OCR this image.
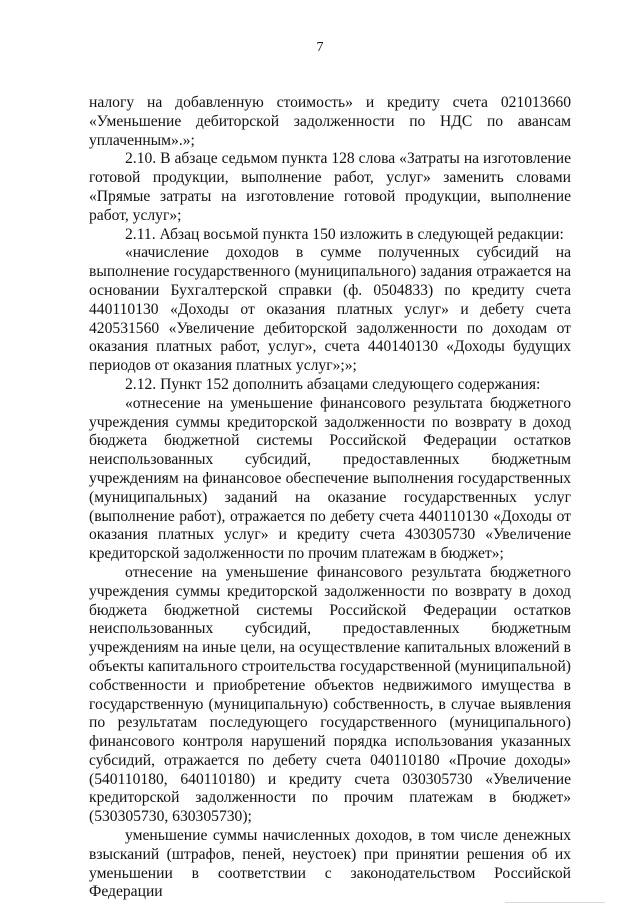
7

налогу на добавленную стоимость» и кредиту счета 021013660 «Уменьшение дебиторской задолженности по НДС по авансам уплаченным».»;

2.10. В абзаце седьмом пункта 128 слова «Затраты на изготовление готовой продукции, выполнение работ, услуг» заменить словами «Прямые затраты на изготовление готовой продукции, выполнение работ, услуг»;

2.11. Абзац восьмой пункта 150 изложить в следующей редакции:

«начисление доходов в сумме полученных субсидий на выполнение государственного (муниципального) задания отражается на основании Бухгалтерской справки (ф. 0504833) по кредиту счета 440110130 «Доходы от оказания платных услуг» и дебету счета 420531560 «Увеличение дебиторской задолженности по доходам от оказания платных работ, услуг», счета 440140130 «Доходы будущих периодов от оказания платных услуг»;»;

2.12. Пункт 152 дополнить абзацами следующего содержания:

«отнесение на уменьшение финансового результата бюджетного учреждения суммы кредиторской задолженности по возврату в доход бюджета бюджетной системы Российской Федерации остатков неиспользованных субсидий, предоставленных бюджетным учреждениям на финансовое обеспечение выполнения государственных (муниципальных) заданий на оказание государственных услуг (выполнение работ), отражается по дебету счета 440110130 «Доходы от оказания платных услуг» и кредиту счета 430305730 «Увеличение кредиторской задолженности по прочим платежам в бюджет»;

отнесение на уменьшение финансового результата бюджетного учреждения суммы кредиторской задолженности по возврату в доход бюджета бюджетной системы Российской Федерации остатков неиспользованных субсидий, предоставленных бюджетным учреждениям на иные цели, на осуществление капитальных вложений в объекты капитального строительства государственной (муниципальной) собственности и приобретение объектов недвижимого имущества в государственную (муниципальную) собственность, в случае выявления по результатам последующего государственного (муниципального) финансового контроля нарушений порядка использования указанных субсидий, отражается по дебету счета 040110180 «Прочие доходы» (540110180, 640110180) и кредиту счета 030305730 «Увеличение кредиторской задолженности по прочим платежам в бюджет» (530305730, 630305730);

уменьшение суммы начисленных доходов, в том числе денежных взысканий (штрафов, пеней, неустоек) при принятии решения об их уменьшении в соответствии с законодательством Российской Федерации
